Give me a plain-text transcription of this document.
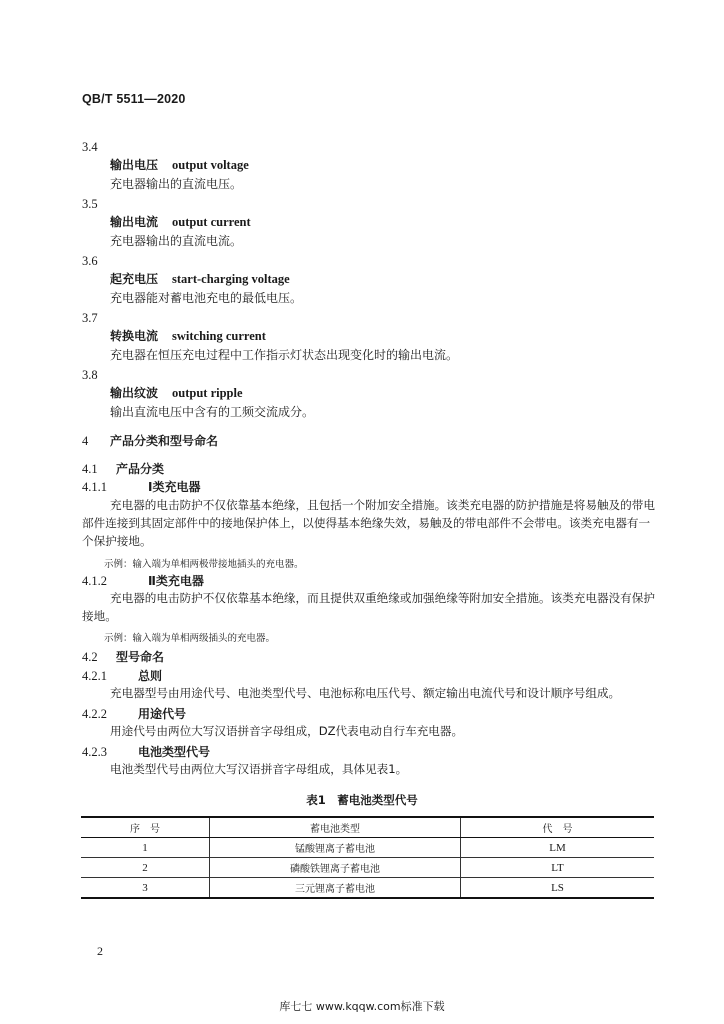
QB/T 5511—2020
3.4
输出电压 output voltage
充电器输出的直流电压。
3.5
输出电流 output current
充电器输出的直流电流。
3.6
起充电压 start-charging voltage
充电器能对蓄电池充电的最低电压。
3.7
转换电流 switching current
充电器在恒压充电过程中工作指示灯状态出现变化时的输出电流。
3.8
输出纹波 output ripple
输出直流电压中含有的工频交流成分。
4 产品分类和型号命名
4.1 产品分类
4.1.1	Ⅰ类充电器
充电器的电击防护不仅依靠基本绝缘，且包括一个附加安全措施。该类充电器的防护措施是将易触及的带电部件连接到其固定部件中的接地保护体上，以使得基本绝缘失效，易触及的带电部件不会带电。该类充电器有一个保护接地。
示例：输入端为单相两极带接地插头的充电器。
4.1.2	Ⅱ类充电器
充电器的电击防护不仅依靠基本绝缘，而且提供双重绝缘或加强绝缘等附加安全措施。该类充电器没有保护接地。
示例：输入端为单相两级插头的充电器。
4.2 型号命名
4.2.1	总则
充电器型号由用途代号、电池类型代号、电池标称电压代号、额定输出电流代号和设计顺序号组成。
4.2.2	用途代号
用途代号由两位大写汉语拼音字母组成，DZ代表电动自行车充电器。
4.2.3	电池类型代号
电池类型代号由两位大写汉语拼音字母组成，具体见表1。
表1　蓄电池类型代号
序　号	蓄电池类型	代　号
1	锰酸锂离子蓄电池	LM
2	磷酸铁锂离子蓄电池	LT
3	三元锂离子蓄电池	LS
2
库七七 www.kqqw.com标准下载
